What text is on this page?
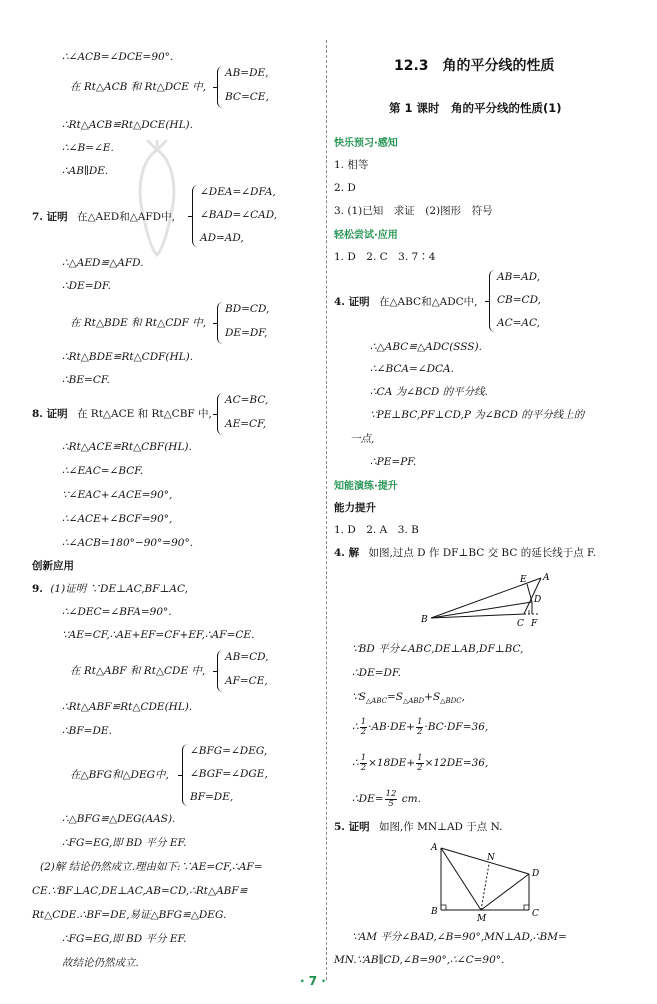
∴∠ACB=∠DCE=90°.
在 Rt△ACB 和 Rt△DCE 中,
AB=DE,
BC=CE,
∴Rt△ACB≌Rt△DCE(HL).
∴∠B=∠E.
∴AB∥DE.
7. 证明 在△AED和△AFD中,
∠DEA=∠DFA,
∠BAD=∠CAD,
AD=AD,
∴△AED≌△AFD.
∴DE=DF.
在 Rt△BDE 和 Rt△CDF 中,
BD=CD,
DE=DF,
∴Rt△BDE≌Rt△CDF(HL).
∴BE=CF.
8. 证明 在 Rt△ACE 和 Rt△CBF 中,
AC=BC,
AE=CF,
∴Rt△ACE≌Rt△CBF(HL).
∴∠EAC=∠BCF.
∵∠EAC+∠ACE=90°,
∴∠ACE+∠BCF=90°,
∴∠ACB=180°−90°=90°.
创新应用
9. (1)证明 ∵DE⊥AC,BF⊥AC,
∴∠DEC=∠BFA=90°.
∵AE=CF,∴AE+EF=CF+EF,∴AF=CE.
在 Rt△ABF 和 Rt△CDE 中,
AB=CD,
AF=CE,
∴Rt△ABF≌Rt△CDE(HL).
∴BF=DE.
在△BFG和△DEG中,
∠BFG=∠DEG,
∠BGF=∠DGE,
BF=DE,
∴△BFG≌△DEG(AAS).
∴FG=EG,即 BD 平分 EF.
(2)解 结论仍然成立.理由如下:∵AE=CF,∴AF=
CE.∵BF⊥AC,DE⊥AC,AB=CD,∴Rt△ABF≌
Rt△CDE.∴BF=DE,易证△BFG≌△DEG.
∴FG=EG,即 BD 平分 EF.
故结论仍然成立.
12.3　角的平分线的性质
第 1 课时　角的平分线的性质(1)
快乐预习·感知
1. 相等
2. D
3. (1)已知　求证　(2)图形　符号
轻松尝试·应用
1. D　2. C　3. 7∶4
4. 证明 在△ABC和△ADC中,
AB=AD,
CB=CD,
AC=AC,
∴△ABC≌△ADC(SSS).
∴∠BCA=∠DCA.
∴CA 为∠BCD 的平分线.
∵PE⊥BC,PF⊥CD,P 为∠BCD 的平分线上的
一点,
∴PE=PF.
知能演练·提升
能力提升
1. D　2. A　3. B
4. 解 如图,过点 D 作 DF⊥BC 交 BC 的延长线于点 F.
B
A
E
D
C F
∵BD 平分∠ABC,DE⊥AB,DF⊥BC,
∴DE=DF.
$\because S_{\triangle ABC}=S_{\triangle ABD}+S_{\triangle BDC}$,
∴ $\frac{1}{2} \cdot AB\cdot DE+ \frac{1}{2} \cdot BC\cdot DF=36$,
∴ $\frac{1}{2} \times 18DE+ \frac{1}{2} \times 12DE=36$,
∴DE= $\frac{12}{5}$ cm.
5. 证明 如图,作 MN⊥AD 于点 N.
A
B
M	C
D
N
∵AM 平分∠BAD,∠B=90°,MN⊥AD,∴BM=
MN.∵AB∥CD,∠B=90°,∴∠C=90°.
· 7 ·
